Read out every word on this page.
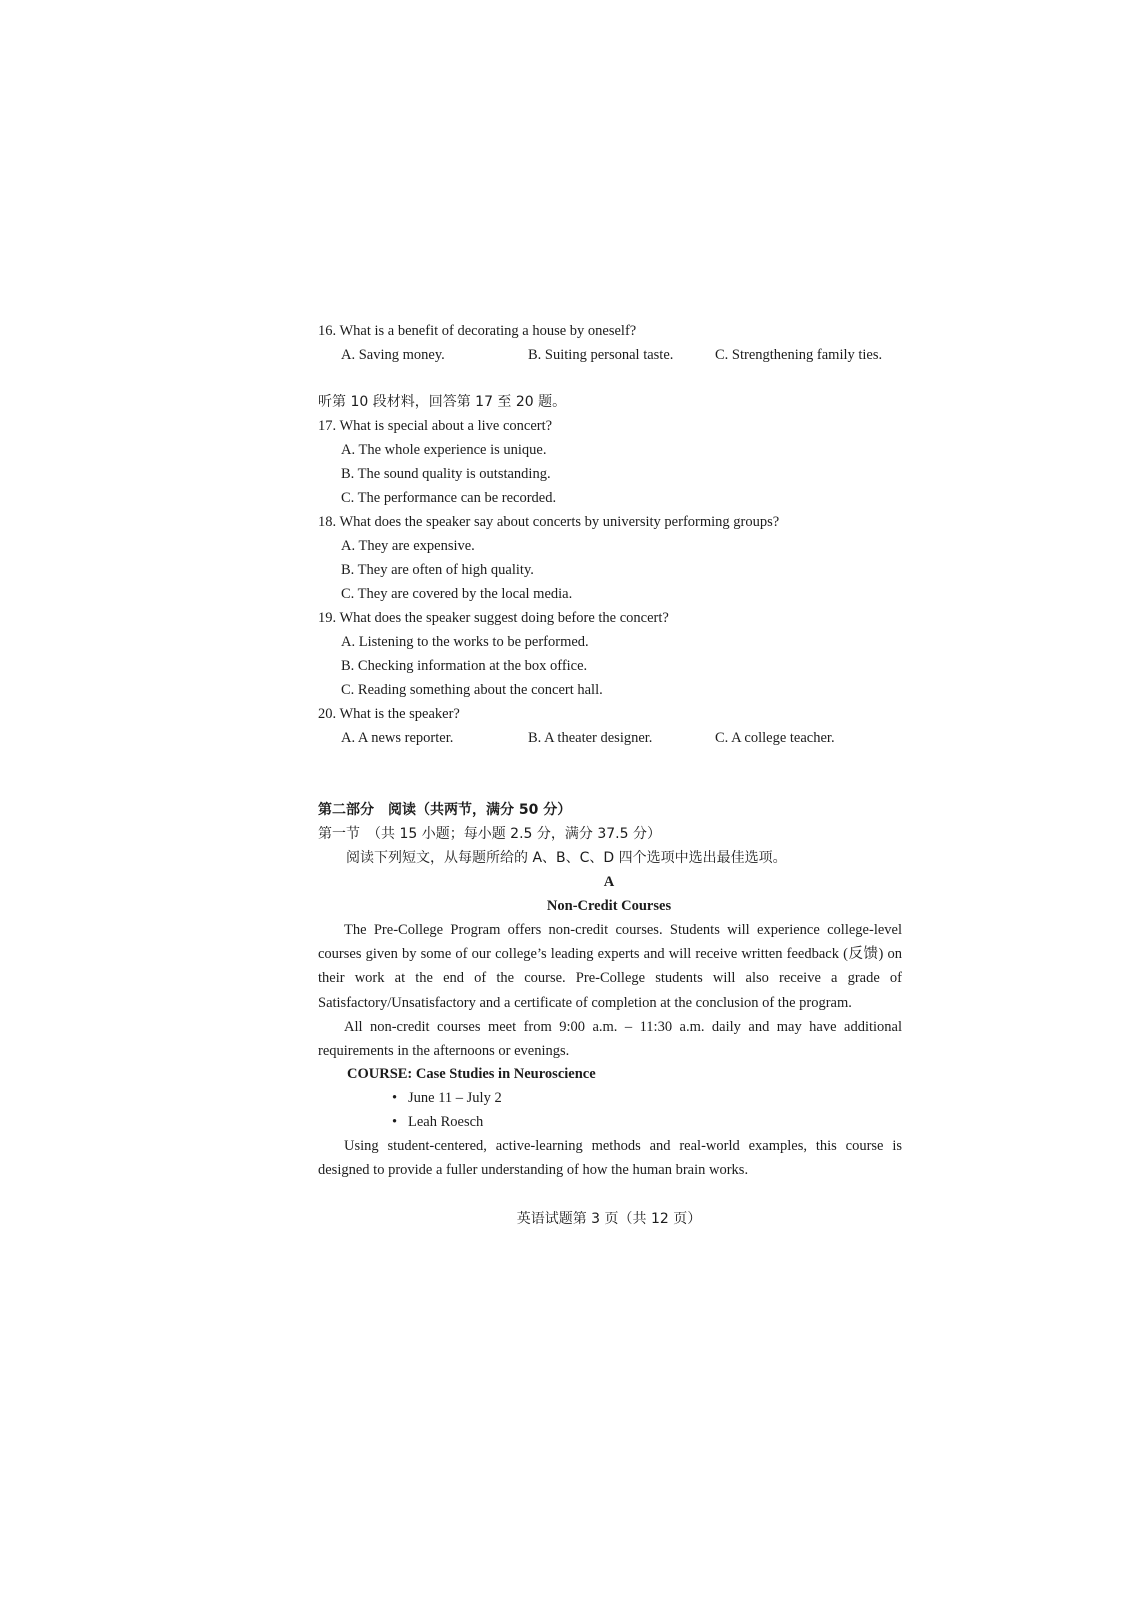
16. What is a benefit of decorating a house by oneself?
A. Saving money.	B. Suiting personal taste.	C. Strengthening family ties.
听第 10 段材料，回答第 17 至 20 题。
17. What is special about a live concert?
A. The whole experience is unique.
B. The sound quality is outstanding.
C. The performance can be recorded.
18. What does the speaker say about concerts by university performing groups?
A. They are expensive.
B. They are often of high quality.
C. They are covered by the local media.
19. What does the speaker suggest doing before the concert?
A. Listening to the works to be performed.
B. Checking information at the box office.
C. Reading something about the concert hall.
20. What is the speaker?
A. A news reporter.	B. A theater designer.	C. A college teacher.
第二部分　阅读（共两节，满分 50 分）
第一节　（共 15 小题；每小题 2.5 分，满分 37.5 分）
阅读下列短文，从每题所给的 A、B、C、D 四个选项中选出最佳选项。
A
Non-Credit Courses
The Pre-College Program offers non-credit courses. Students will experience college-level courses given by some of our college’s leading experts and will receive written feedback (反馈) on their work at the end of the course. Pre-College students will also receive a grade of Satisfactory/Unsatisfactory and a certificate of completion at the conclusion of the program.
All non-credit courses meet from 9:00 a.m. – 11:30 a.m. daily and may have additional requirements in the afternoons or evenings.
COURSE: Case Studies in Neuroscience
• June 11 – July 2
• Leah Roesch
Using student-centered, active-learning methods and real-world examples, this course is designed to provide a fuller understanding of how the human brain works.
英语试题第 3 页（共 12 页）
